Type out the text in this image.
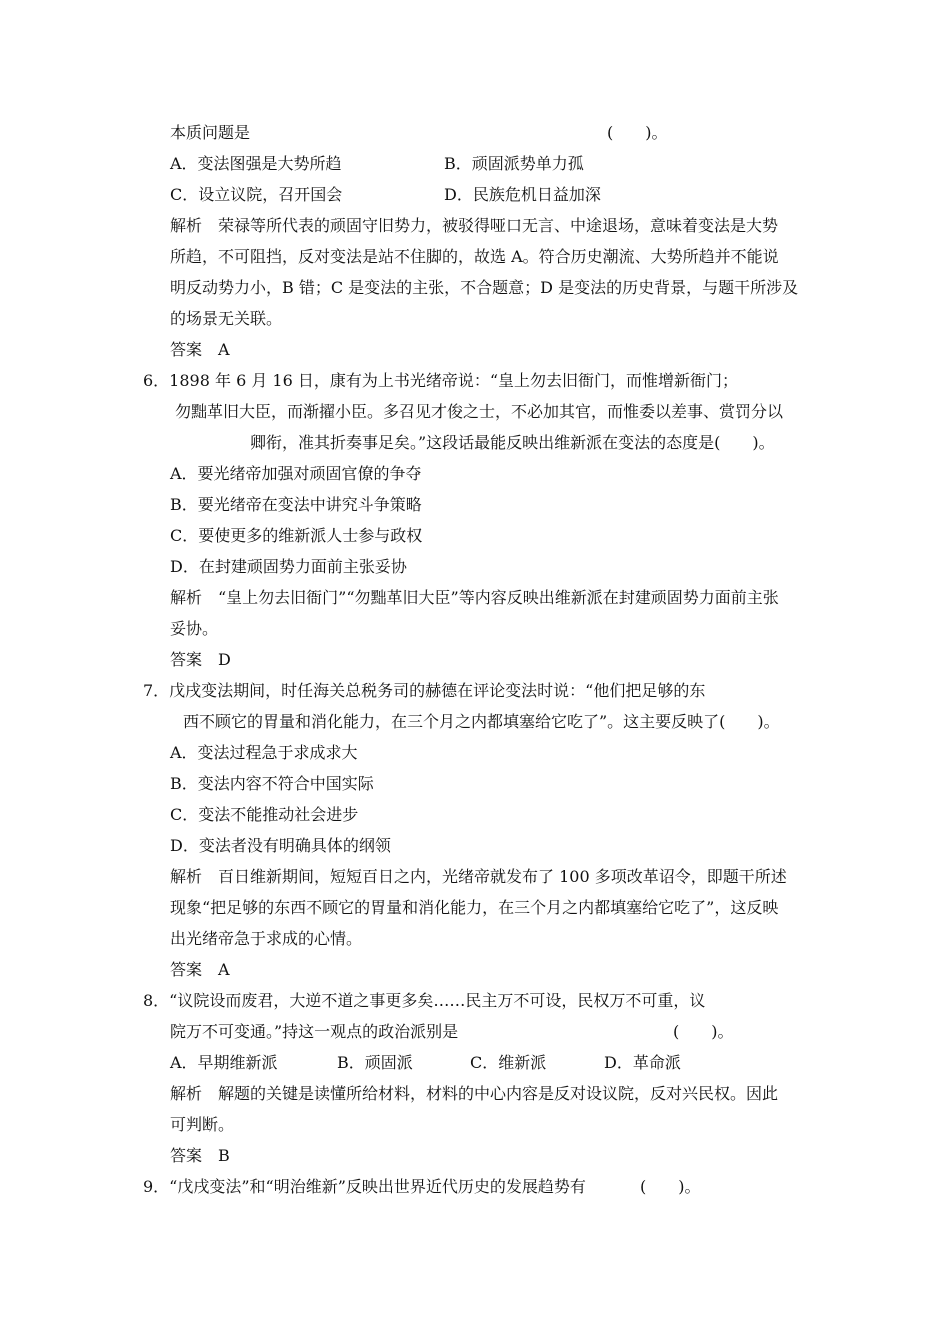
本质问题是	(　　)。
A．变法图强是大势所趋	B．顽固派势单力孤
C．设立议院，召开国会	D．民族危机日益加深
解析　荣禄等所代表的顽固守旧势力，被驳得哑口无言、中途退场，意味着变法是大势
所趋，不可阻挡，反对变法是站不住脚的，故选 A。符合历史潮流、大势所趋并不能说
明反动势力小，B 错；C 是变法的主张，不合题意；D 是变法的历史背景，与题干所涉及
的场景无关联。
答案　A
6．1898 年 6 月 16 日，康有为上书光绪帝说：“皇上勿去旧衙门，而惟增新衙门；
勿黜革旧大臣，而渐擢小臣。多召见才俊之士，不必加其官，而惟委以差事、赏罚分以
卿衔，准其折奏事足矣。”这段话最能反映出维新派在变法的态度是(　　)。
A．要光绪帝加强对顽固官僚的争夺
B．要光绪帝在变法中讲究斗争策略
C．要使更多的维新派人士参与政权
D．在封建顽固势力面前主张妥协
解析　“皇上勿去旧衙门”“勿黜革旧大臣”等内容反映出维新派在封建顽固势力面前主张
妥协。
答案　D
7．戊戌变法期间，时任海关总税务司的赫德在评论变法时说：“他们把足够的东
西不顾它的胃量和消化能力，在三个月之内都填塞给它吃了”。这主要反映了(　　)。
A．变法过程急于求成求大
B．变法内容不符合中国实际
C．变法不能推动社会进步
D．变法者没有明确具体的纲领
解析　百日维新期间，短短百日之内，光绪帝就发布了 100 多项改革诏令，即题干所述
现象“把足够的东西不顾它的胃量和消化能力，在三个月之内都填塞给它吃了”，这反映
出光绪帝急于求成的心情。
答案　A
8．“议院设而废君，大逆不道之事更多矣……民主万不可设，民权万不可重，议
院万不可变通。”持这一观点的政治派别是	(　　)。
A．早期维新派	B．顽固派	C．维新派	D．革命派
解析　解题的关键是读懂所给材料，材料的中心内容是反对设议院，反对兴民权。因此
可判断。
答案　B
9．“戊戌变法”和“明治维新”反映出世界近代历史的发展趋势有	(　　)。
